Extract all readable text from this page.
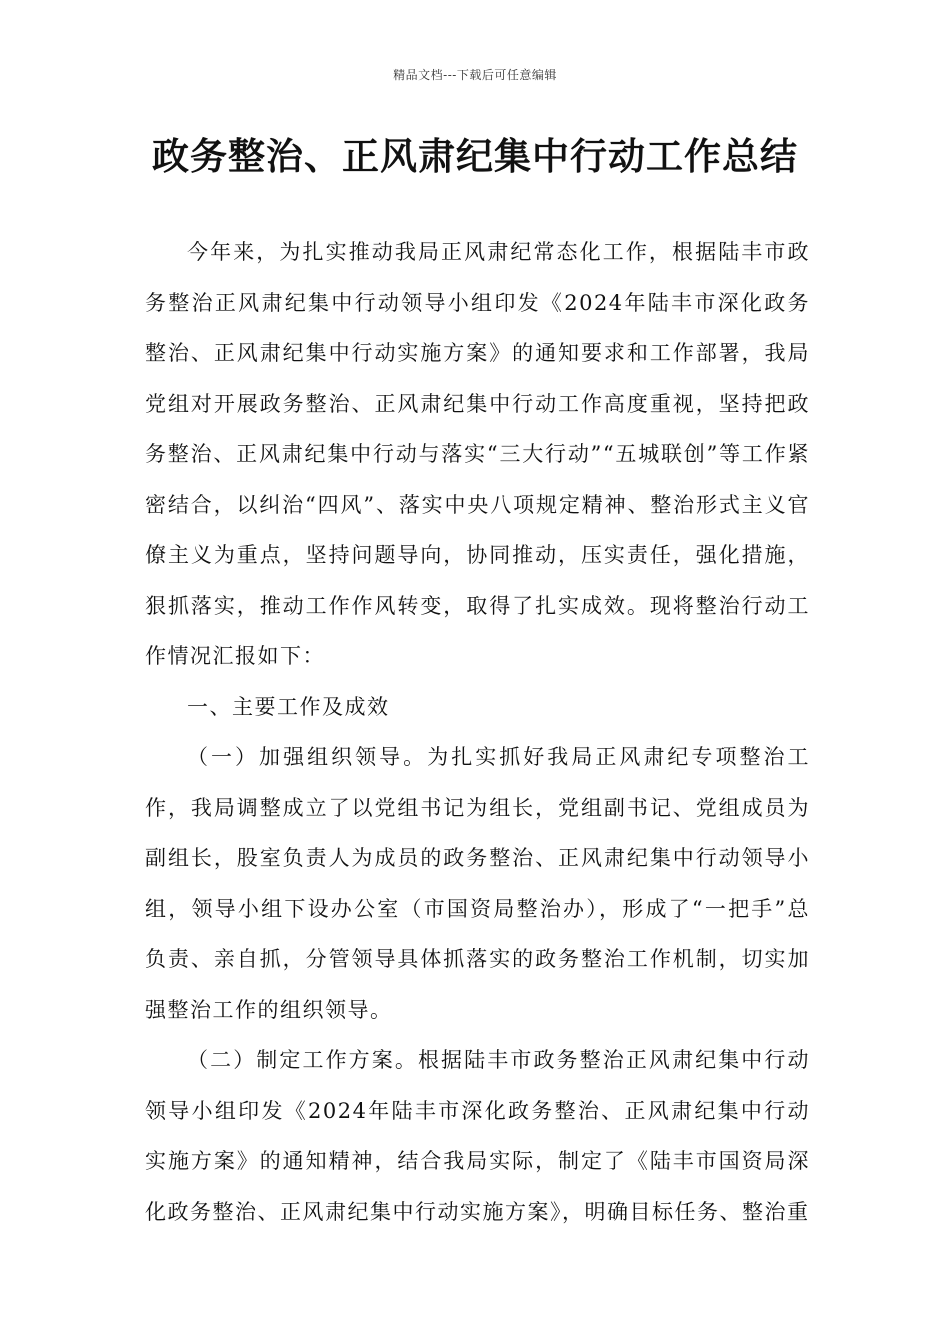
精品文档---下载后可任意编辑
政务整治、正风肃纪集中行动工作总结

今年来，为扎实推动我局正风肃纪常态化工作，根据陆丰市政务整治正风肃纪集中行动领导小组印发《2024年陆丰市深化政务整治、正风肃纪集中行动实施方案》的通知要求和工作部署，我局党组对开展政务整治、正风肃纪集中行动工作高度重视，坚持把政务整治、正风肃纪集中行动与落实“三大行动”“五城联创”等工作紧密结合，以纠治“四风”、落实中央八项规定精神、整治形式主义官僚主义为重点，坚持问题导向，协同推动，压实责任，强化措施，狠抓落实，推动工作作风转变，取得了扎实成效。现将整治行动工作情况汇报如下：

一、主要工作及成效

（一）加强组织领导。为扎实抓好我局正风肃纪专项整治工作，我局调整成立了以党组书记为组长，党组副书记、党组成员为副组长，股室负责人为成员的政务整治、正风肃纪集中行动领导小组，领导小组下设办公室（市国资局整治办），形成了“一把手”总负责、亲自抓，分管领导具体抓落实的政务整治工作机制，切实加强整治工作的组织领导。

（二）制定工作方案。根据陆丰市政务整治正风肃纪集中行动领导小组印发《2024年陆丰市深化政务整治、正风肃纪集中行动实施方案》的通知精神，结合我局实际，制定了《陆丰市国资局深化政务整治、正风肃纪集中行动实施方案》，明确目标任务、整治重
